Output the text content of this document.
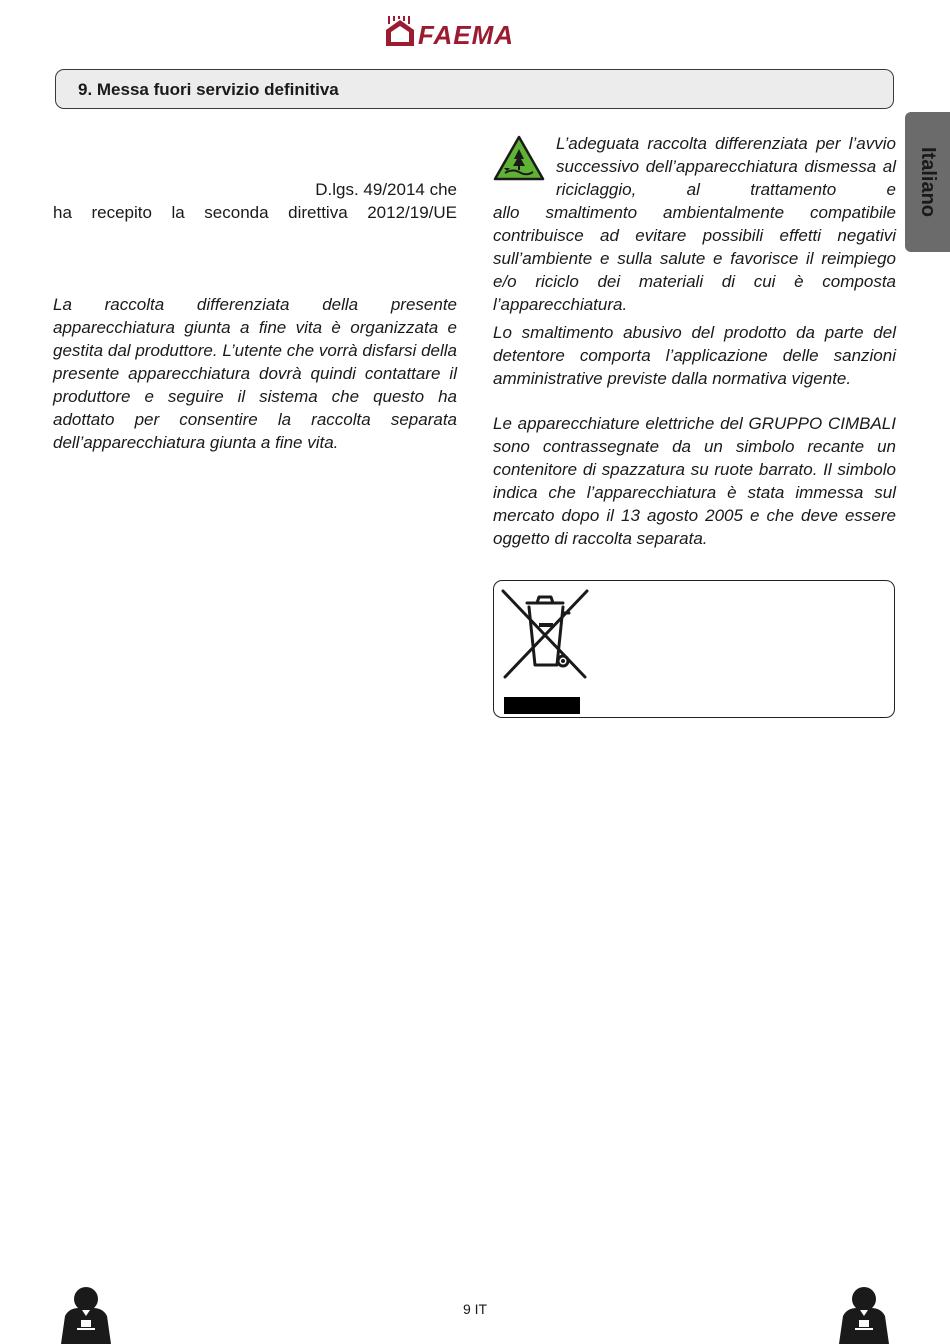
FAEMA
9. Messa fuori servizio definitiva
Italiano
D.lgs. 49/2014 che
ha recepito la seconda direttiva 2012/19/UE
La raccolta differenziata della presente apparecchiatura giunta a fine vita è organizzata e gestita dal produttore. L’utente che vorrà disfarsi della presente apparecchiatura dovrà quindi contattare il produttore e seguire il sistema che questo ha adottato per consentire la raccolta separata dell’apparecchiatura giunta a fine vita.
L’adeguata raccolta differenziata per l’avvio successivo dell’apparecchiatura dismessa al riciclaggio, al trattamento e
allo smaltimento ambientalmente compatibile contribuisce ad evitare possibili effetti negativi sull’ambiente e sulla salute e favorisce il reimpiego e/o riciclo dei materiali di cui è composta l’apparecchiatura.
Lo smaltimento abusivo del prodotto da parte del detentore comporta l’applicazione delle sanzioni amministrative previste dalla normativa vigente.
Le apparecchiature elettriche del GRUPPO CIMBALI sono contrassegnate da un simbolo recante un contenitore di spazzatura su ruote barrato. Il simbolo indica che l’apparecchiatura è stata immessa sul mercato dopo il 13 agosto 2005 e che deve essere oggetto di raccolta separata.
9 IT
